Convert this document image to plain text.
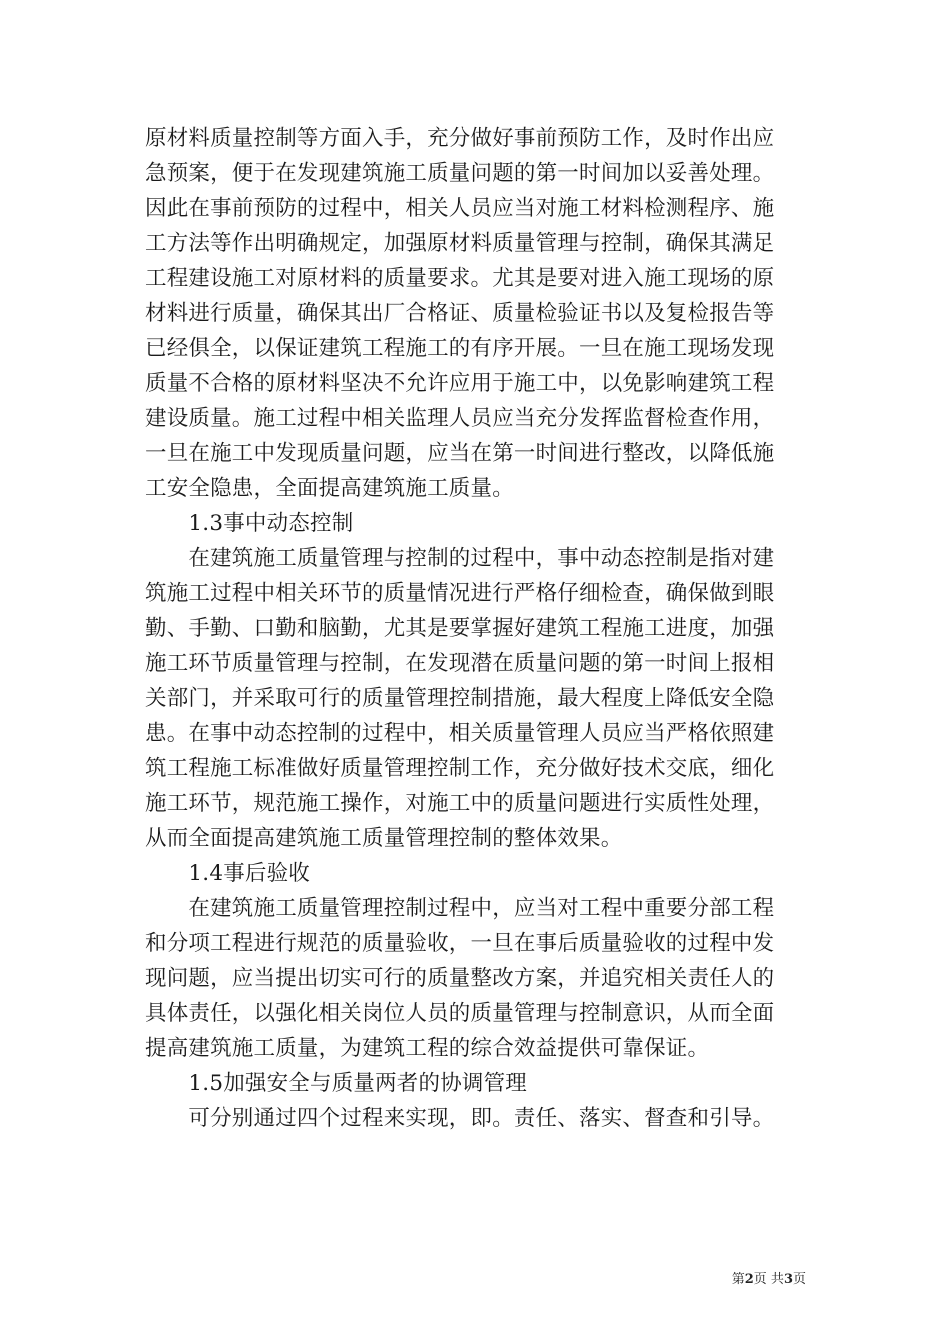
原材料质量控制等方面入手，充分做好事前预防工作，及时作出应
急预案，便于在发现建筑施工质量问题的第一时间加以妥善处理。
因此在事前预防的过程中，相关人员应当对施工材料检测程序、施
工方法等作出明确规定，加强原材料质量管理与控制，确保其满足
工程建设施工对原材料的质量要求。尤其是要对进入施工现场的原
材料进行质量，确保其出厂合格证、质量检验证书以及复检报告等
已经俱全，以保证建筑工程施工的有序开展。一旦在施工现场发现
质量不合格的原材料坚决不允许应用于施工中，以免影响建筑工程
建设质量。施工过程中相关监理人员应当充分发挥监督检查作用，
一旦在施工中发现质量问题，应当在第一时间进行整改，以降低施
工安全隐患，全面提高建筑施工质量。
　　1.3事中动态控制
　　在建筑施工质量管理与控制的过程中，事中动态控制是指对建
筑施工过程中相关环节的质量情况进行严格仔细检查，确保做到眼
勤、手勤、口勤和脑勤，尤其是要掌握好建筑工程施工进度，加强
施工环节质量管理与控制，在发现潜在质量问题的第一时间上报相
关部门，并采取可行的质量管理控制措施，最大程度上降低安全隐
患。在事中动态控制的过程中，相关质量管理人员应当严格依照建
筑工程施工标准做好质量管理控制工作，充分做好技术交底，细化
施工环节，规范施工操作，对施工中的质量问题进行实质性处理，
从而全面提高建筑施工质量管理控制的整体效果。
　　1.4事后验收
　　在建筑施工质量管理控制过程中，应当对工程中重要分部工程
和分项工程进行规范的质量验收，一旦在事后质量验收的过程中发
现问题，应当提出切实可行的质量整改方案，并追究相关责任人的
具体责任，以强化相关岗位人员的质量管理与控制意识，从而全面
提高建筑施工质量，为建筑工程的综合效益提供可靠保证。
　　1.5加强安全与质量两者的协调管理
　　可分别通过四个过程来实现，即。责任、落实、督查和引导。
第2页 共3页
